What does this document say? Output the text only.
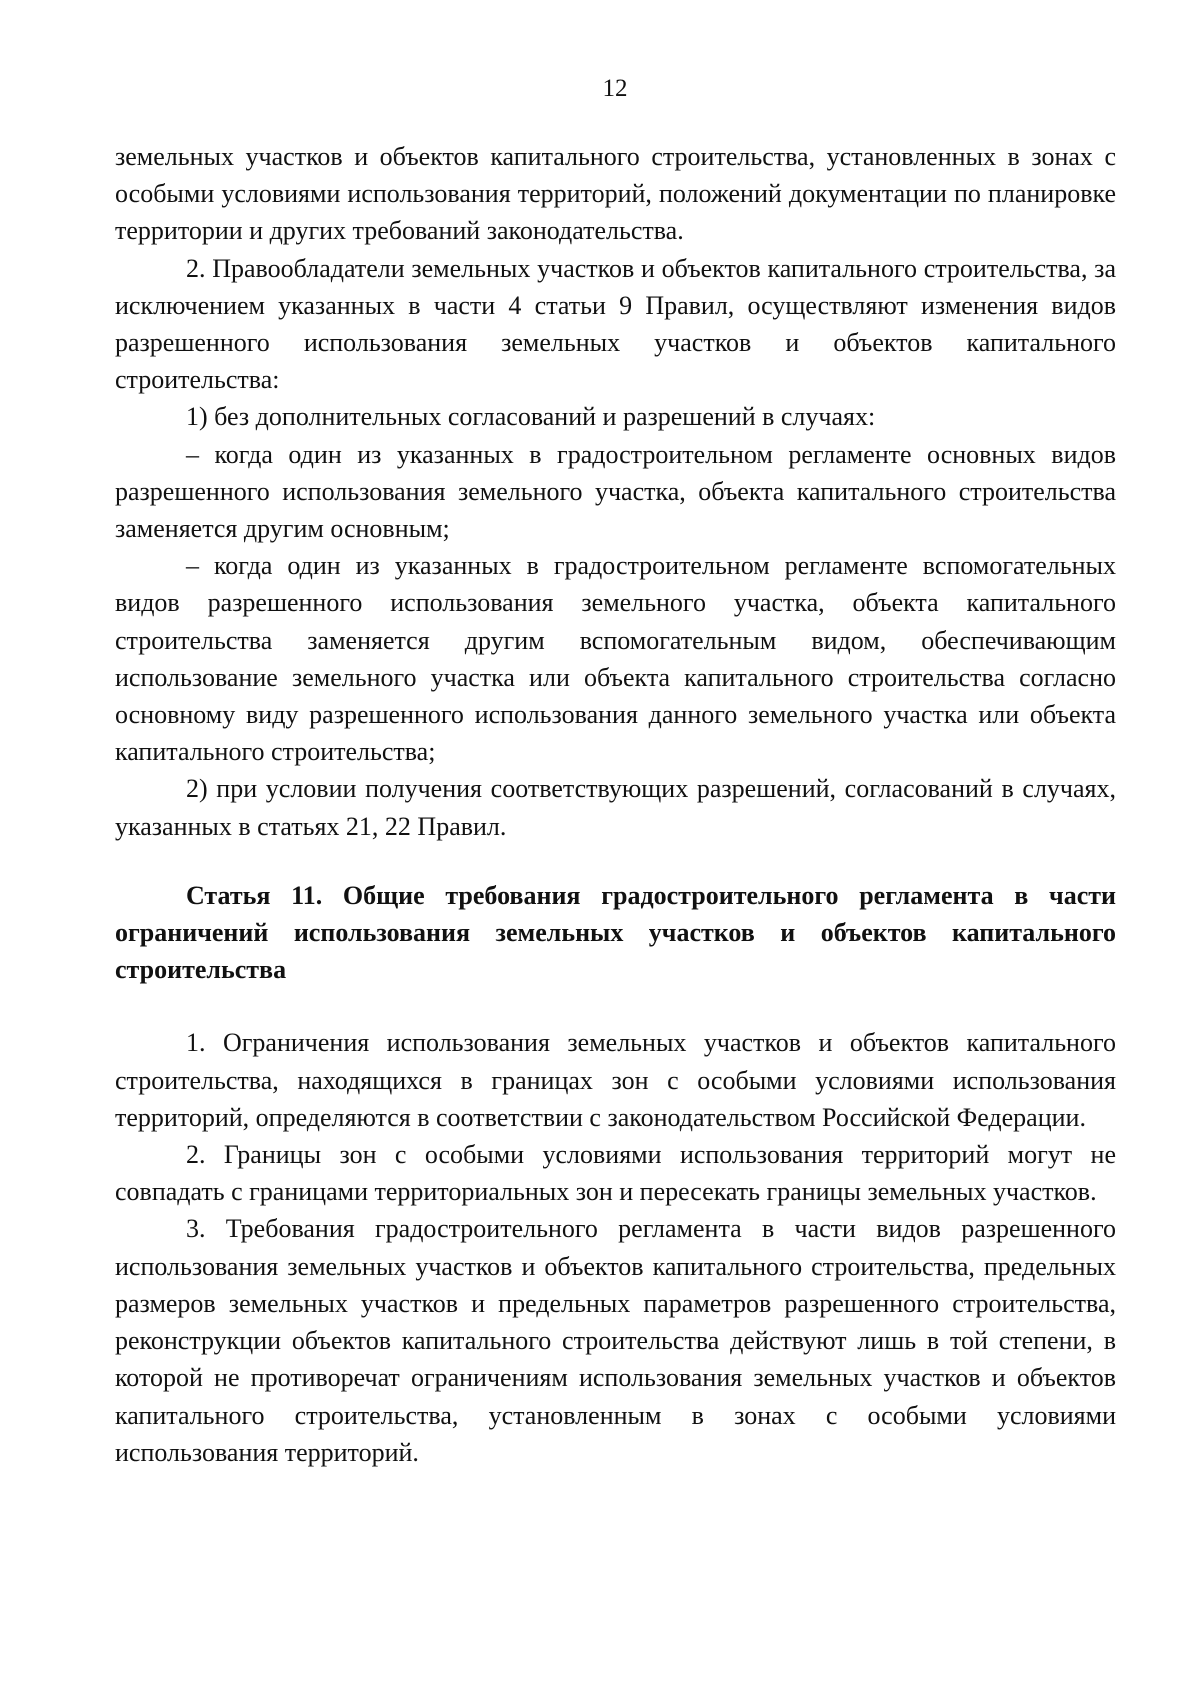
12

земельных участков и объектов капитального строительства, установленных в зонах с особыми условиями использования территорий, положений документации по планировке территории и других требований законодательства.

2. Правообладатели земельных участков и объектов капитального строительства, за исключением указанных в части 4 статьи 9 Правил, осуществляют изменения видов разрешенного использования земельных участков и объектов капитального строительства:

1) без дополнительных согласований и разрешений в случаях:

– когда один из указанных в градостроительном регламенте основных видов разрешенного использования земельного участка, объекта капитального строительства заменяется другим основным;

– когда один из указанных в градостроительном регламенте вспомогательных видов разрешенного использования земельного участка, объекта капитального строительства заменяется другим вспомогательным видом, обеспечивающим использование земельного участка или объекта капитального строительства согласно основному виду разрешенного использования данного земельного участка или объекта капитального строительства;

2) при условии получения соответствующих разрешений, согласований в случаях, указанных в статьях 21, 22 Правил.

Статья 11. Общие требования градостроительного регламента в части ограничений использования земельных участков и объектов капитального строительства

1. Ограничения использования земельных участков и объектов капитального строительства, находящихся в границах зон с особыми условиями использования территорий, определяются в соответствии с законодательством Российской Федерации.

2. Границы зон с особыми условиями использования территорий могут не совпадать с границами территориальных зон и пересекать границы земельных участков.

3. Требования градостроительного регламента в части видов разрешенного использования земельных участков и объектов капитального строительства, предельных размеров земельных участков и предельных параметров разрешенного строительства, реконструкции объектов капитального строительства действуют лишь в той степени, в которой не противоречат ограничениям использования земельных участков и объектов капитального строительства, установленным в зонах с особыми условиями использования территорий.
